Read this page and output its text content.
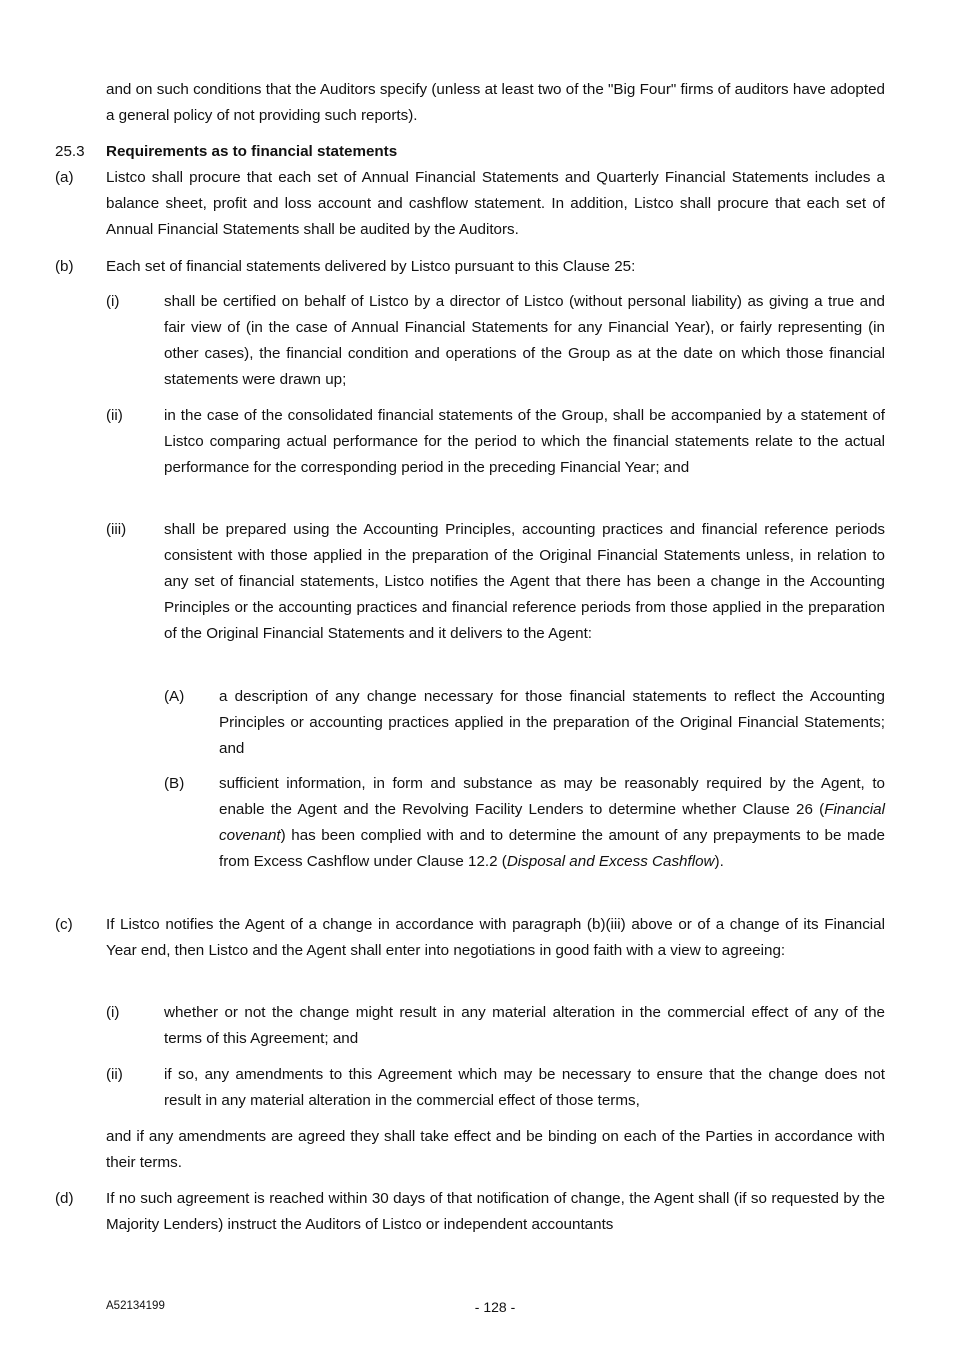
and on such conditions that the Auditors specify (unless at least two of the "Big Four" firms of auditors have adopted a general policy of not providing such reports).
25.3 Requirements as to financial statements
(a) Listco shall procure that each set of Annual Financial Statements and Quarterly Financial Statements includes a balance sheet, profit and loss account and cashflow statement. In addition, Listco shall procure that each set of Annual Financial Statements shall be audited by the Auditors.
(b) Each set of financial statements delivered by Listco pursuant to this Clause 25:
(i)	shall be certified on behalf of Listco by a director of Listco (without personal liability) as giving a true and fair view of (in the case of Annual Financial Statements for any Financial Year), or fairly representing (in other cases), the financial condition and operations of the Group as at the date on which those financial statements were drawn up;
(ii)	in the case of the consolidated financial statements of the Group, shall be accompanied by a statement of Listco comparing actual performance for the period to which the financial statements relate to the actual performance for the corresponding period in the preceding Financial Year; and
(iii) shall be prepared using the Accounting Principles, accounting practices and financial reference periods consistent with those applied in the preparation of the Original Financial Statements unless, in relation to any set of financial statements, Listco notifies the Agent that there has been a change in the Accounting Principles or the accounting practices and financial reference periods from those applied in the preparation of the Original Financial Statements and it delivers to the Agent:
(A) a description of any change necessary for those financial statements to reflect the Accounting Principles or accounting practices applied in the preparation of the Original Financial Statements; and
(B) sufficient information, in form and substance as may be reasonably required by the Agent, to enable the Agent and the Revolving Facility Lenders to determine whether Clause 26 (Financial covenant) has been complied with and to determine the amount of any prepayments to be made from Excess Cashflow under Clause 12.2 (Disposal and Excess Cashflow).
(c) If Listco notifies the Agent of a change in accordance with paragraph (b)(iii) above or of a change of its Financial Year end, then Listco and the Agent shall enter into negotiations in good faith with a view to agreeing:
(i)	whether or not the change might result in any material alteration in the commercial effect of any of the terms of this Agreement; and
(ii)	if so, any amendments to this Agreement which may be necessary to ensure that the change does not result in any material alteration in the commercial effect of those terms,
and if any amendments are agreed they shall take effect and be binding on each of the Parties in accordance with their terms.
(d) If no such agreement is reached within 30 days of that notification of change, the Agent shall (if so requested by the Majority Lenders) instruct the Auditors of Listco or independent accountants
A52134199	- 128 -
